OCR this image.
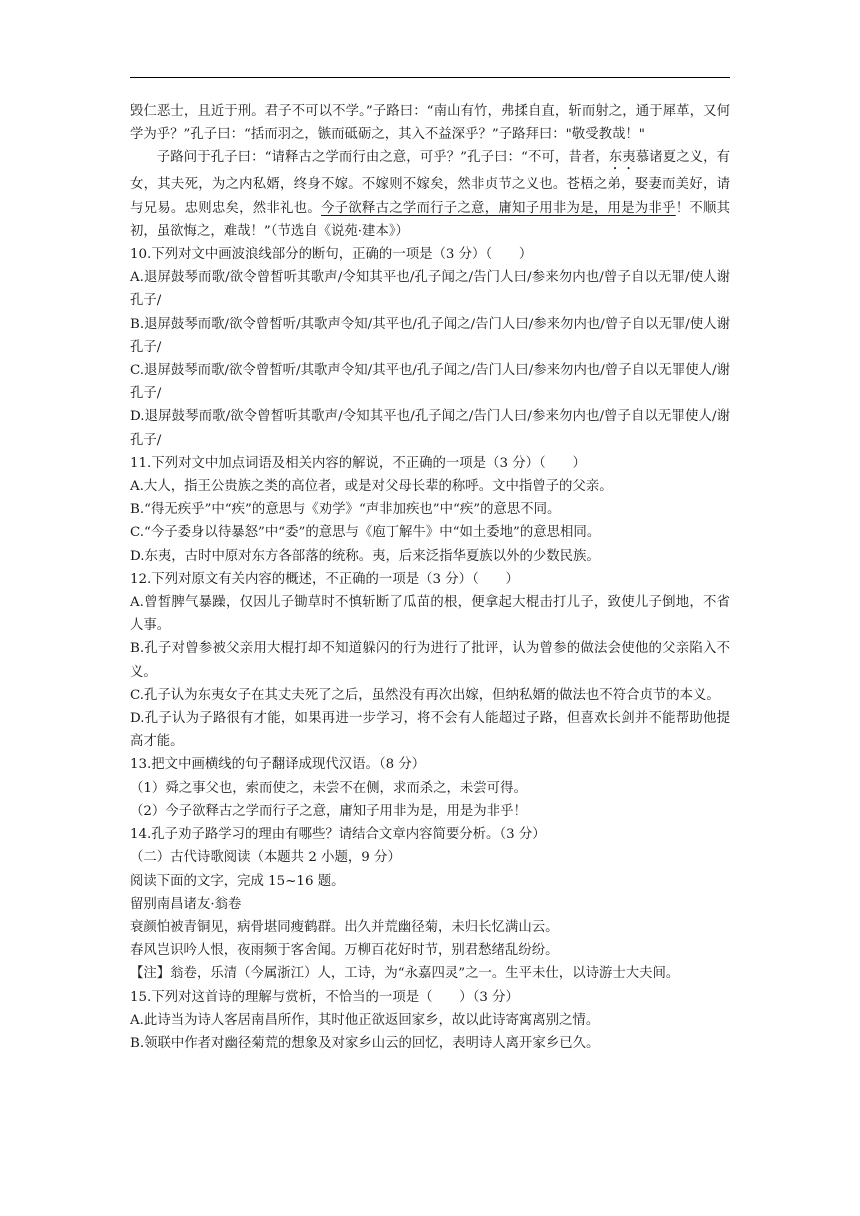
毁仁恶士，且近于刑。君子不可以不学。”子路曰：“南山有竹，弗揉自直，斩而射之，通于犀革，又何学为乎？”孔子曰：“括而羽之，镞而砥砺之，其入不益深乎？”子路拜曰："敬受教哉！"

子路问于孔子曰：“请释古之学而行由之意，可乎？”孔子曰：“不可，昔者，东夷慕诸夏之义，有女，其夫死，为之内私婿，终身不嫁。不嫁则不嫁矣，然非贞节之义也。苍梧之弟，娶妻而美好，请与兄易。忠则忠矣，然非礼也。今子欲释古之学而行子之意，庸知子用非为是，用是为非乎！不顺其初，虽欲悔之，难哉！”（节选自《说苑·建本》）

10.下列对文中画波浪线部分的断句，正确的一项是（3 分）（　　）

A.退屏鼓琴而歌/欲令曾皙听其歌声/令知其平也/孔子闻之/告门人曰/参来勿内也/曾子自以无罪/使人谢孔子/

B.退屏鼓琴而歌/欲令曾皙听/其歌声令知/其平也/孔子闻之/告门人曰/参来勿内也/曾子自以无罪/使人谢孔子/

C.退屏鼓琴而歌/欲令曾皙听/其歌声令知/其平也/孔子闻之/告门人曰/参来勿内也/曾子自以无罪使人/谢孔子/

D.退屏鼓琴而歌/欲令曾皙听其歌声/令知其平也/孔子闻之/告门人曰/参来勿内也/曾子自以无罪使人/谢孔子/

11.下列对文中加点词语及相关内容的解说，不正确的一项是（3 分）（　　）

A.大人，指王公贵族之类的高位者，或是对父母长辈的称呼。文中指曾子的父亲。

B.“得无疾乎”中“疾”的意思与《劝学》“声非加疾也”中“疾”的意思不同。

C.“今子委身以待暴怒”中“委”的意思与《庖丁解牛》中“如土委地”的意思相同。

D.东夷，古时中原对东方各部落的统称。夷，后来泛指华夏族以外的少数民族。

12.下列对原文有关内容的概述，不正确的一项是（3 分）（　　）

A.曾皙脾气暴躁，仅因儿子锄草时不慎斩断了瓜苗的根，便拿起大棍击打儿子，致使儿子倒地，不省人事。

B.孔子对曾参被父亲用大棍打却不知道躲闪的行为进行了批评，认为曾参的做法会使他的父亲陷入不义。

C.孔子认为东夷女子在其丈夫死了之后，虽然没有再次出嫁，但纳私婿的做法也不符合贞节的本义。

D.孔子认为子路很有才能，如果再进一步学习，将不会有人能超过子路，但喜欢长剑并不能帮助他提高才能。

13.把文中画横线的句子翻译成现代汉语。（8 分）

（1）舜之事父也，索而使之，未尝不在侧，求而杀之，未尝可得。

（2）今子欲释古之学而行子之意，庸知子用非为是，用是为非乎！

14.孔子劝子路学习的理由有哪些？请结合文章内容简要分析。（3 分）

（二）古代诗歌阅读（本题共 2 小题，9 分）

阅读下面的文字，完成 15~16 题。

留别南昌诸友·翁卷

衰颜怕被青铜见，病骨堪同瘦鹤群。出久并荒幽径菊，未归长忆满山云。

春风岂识吟人恨，夜雨频于客舍闻。万柳百花好时节，别君愁绪乱纷纷。

【注】翁卷，乐清（今属浙江）人，工诗，为“永嘉四灵”之一。生平未仕，以诗游士大夫间。

15.下列对这首诗的理解与赏析，不恰当的一项是（　　）（3 分）

A.此诗当为诗人客居南昌所作，其时他正欲返回家乡，故以此诗寄寓离别之情。

B.领联中作者对幽径菊荒的想象及对家乡山云的回忆，表明诗人离开家乡已久。
